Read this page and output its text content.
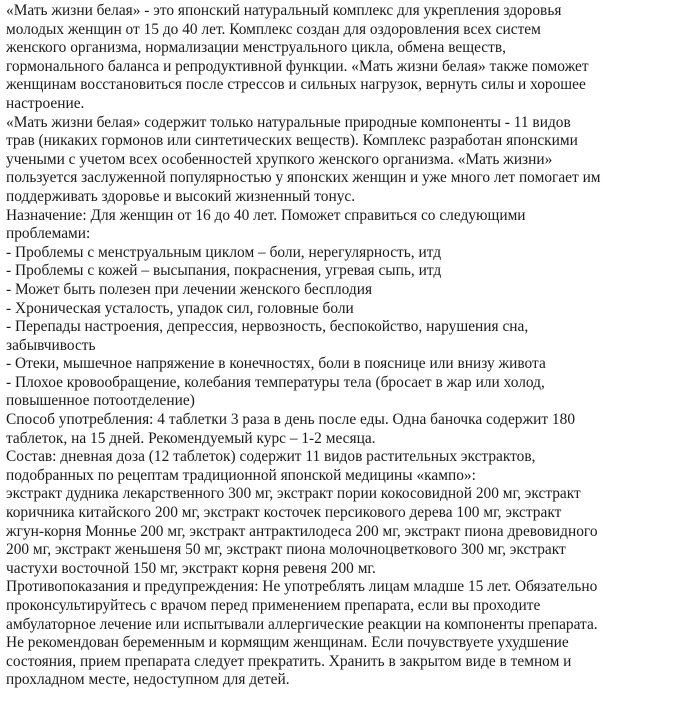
«Мать жизни белая» - это японский натуральный комплекс для укрепления здоровья
молодых женщин от 15 до 40 лет. Комплекс создан для оздоровления всех систем
женского организма, нормализации менструального цикла, обмена веществ,
гормонального баланса и репродуктивной функции. «Мать жизни белая» также поможет
женщинам восстановиться после стрессов и сильных нагрузок, вернуть силы и хорошее
настроение.
«Мать жизни белая» содержит только натуральные природные компоненты - 11 видов
трав (никаких гормонов или синтетических веществ). Комплекс разработан японскими
учеными с учетом всех особенностей хрупкого женского организма. «Мать жизни»
пользуется заслуженной популярностью у японских женщин и уже много лет помогает им
поддерживать здоровье и высокий жизненный тонус.
Назначение: Для женщин от 16 до 40 лет. Поможет справиться со следующими
проблемами:
- Проблемы с менструальным циклом – боли, нерегулярность, итд
- Проблемы с кожей – высыпания, покраснения, угревая сыпь, итд
- Может быть полезен при лечении женского бесплодия
- Хроническая усталость, упадок сил, головные боли
- Перепады настроения, депрессия, нервозность, беспокойство, нарушения сна,
забывчивость
- Отеки, мышечное напряжение в конечностях, боли в пояснице или внизу живота
- Плохое кровообращение, колебания температуры тела (бросает в жар или холод,
повышенное потоотделение)
Способ употребления: 4 таблетки 3 раза в день после еды. Одна баночка содержит 180
таблеток, на 15 дней. Рекомендуемый курс – 1-2 месяца.
Состав: дневная доза (12 таблеток) содержит 11 видов растительных экстрактов,
подобранных по рецептам традиционной японской медицины «кампо»:
экстракт дудника лекарственного 300 мг, экстракт пории кокосовидной 200 мг, экстракт
коричника китайского 200 мг, экстракт косточек персикового дерева 100 мг, экстракт
жгун-корня Моннье 200 мг, экстракт антрактилодеса 200 мг, экстракт пиона древовидного
200 мг, экстракт женьшеня 50 мг, экстракт пиона молочноцветкового 300 мг, экстракт
частухи восточной 150 мг, экстракт корня ревеня 200 мг.
Противопоказания и предупреждения: Не употреблять лицам младше 15 лет. Обязательно
проконсультируйтесь с врачом перед применением препарата, если вы проходите
амбулаторное лечение или испытывали аллергические реакции на компоненты препарата.
Не рекомендован беременным и кормящим женщинам. Если почувствуете ухудшение
состояния, прием препарата следует прекратить. Хранить в закрытом виде в темном и
прохладном месте, недоступном для детей.
